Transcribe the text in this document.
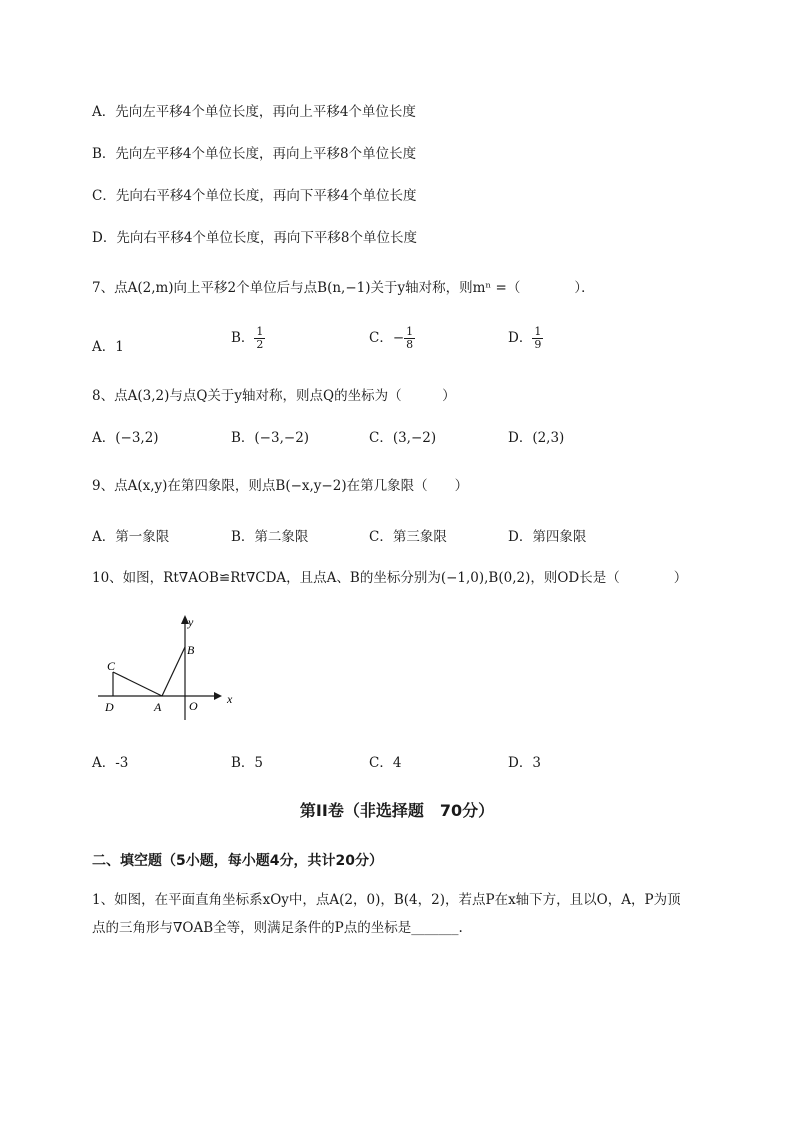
A．先向左平移4个单位长度，再向上平移4个单位长度
B．先向左平移4个单位长度，再向上平移8个单位长度
C．先向右平移4个单位长度，再向下平移4个单位长度
D．先向右平移4个单位长度，再向下平移8个单位长度
7、点A(2,m)向上平移2个单位后与点B(n,−1)关于y轴对称，则mⁿ =（　　　　）．
A．1
B． $\frac{1}{2}$	C．− $\frac{1}{8}$	D． $\frac{1}{9}$
8、点A(3,2)与点Q关于y轴对称，则点Q的坐标为（　　　）
A．(−3,2)	B．(−3,−2)	C．(3,−2)	D．(2,3)
9、点A(x,y)在第四象限，则点B(−x,y−2)在第几象限（　　）
A．第一象限	B．第二象限	C．第三象限	D．第四象限
10、如图，Rt∇AOB≌Rt∇CDA，且点A、B的坐标分别为(−1,0),B(0,2)，则OD长是（　　　　）
y
x
B
C
D	A O
A．-3	B．5	C．4	D．3
第II卷（非选择题　70分）
二、填空题（5小题，每小题4分，共计20分）
1、如图，在平面直角坐标系xOy中，点A(2，0)，B(4，2)，若点P在x轴下方，且以O，A，P为顶
点的三角形与∇OAB全等，则满足条件的P点的坐标是_______.
